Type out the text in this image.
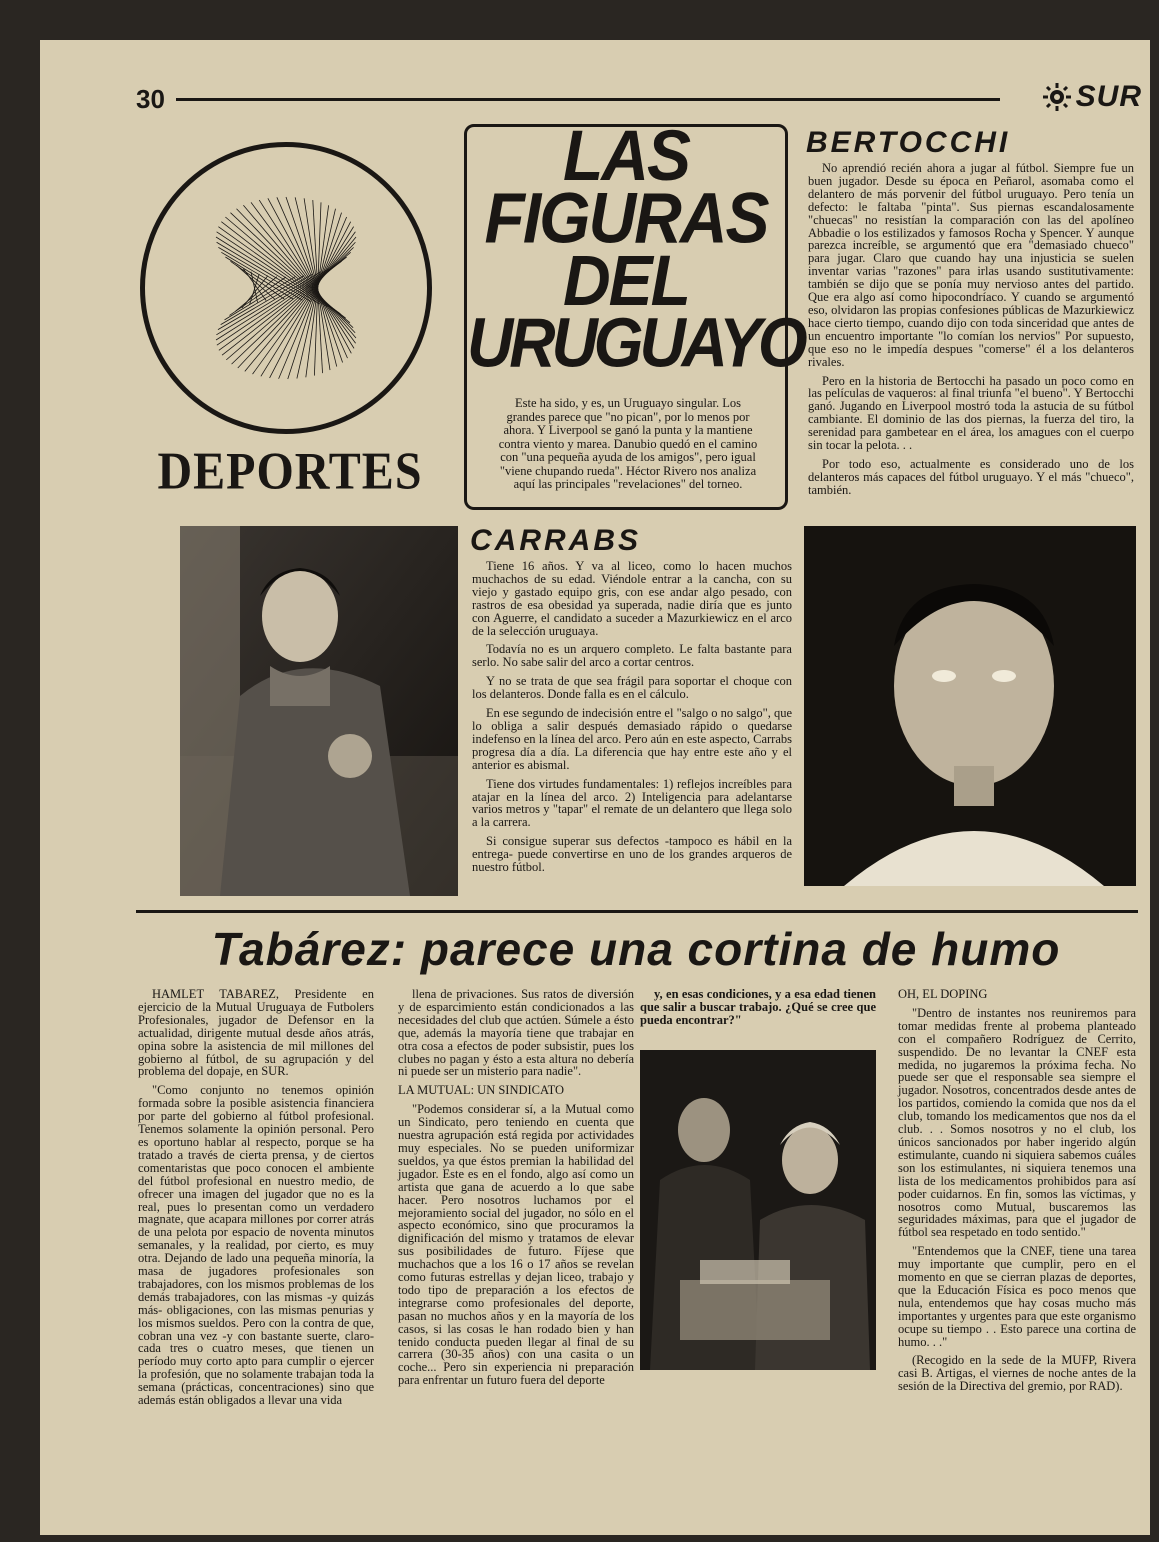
30	SUR
DEPORTES
LAS
FIGURAS
DEL
URUGUAYO
Este ha sido, y es, un Uruguayo singular. Los grandes parece que "no pican", por lo menos por ahora. Y Liverpool se ganó la punta y la mantiene contra viento y marea. Danubio quedó en el camino con "una pequeña ayuda de los amigos", pero igual "viene chupando rueda". Héctor Rivero nos analiza aquí las principales "revelaciones" del torneo.
BERTOCCHI

No aprendió recién ahora a jugar al fútbol. Siempre fue un buen jugador. Desde su época en Peñarol, asomaba como el delantero de más porvenir del fútbol uruguayo. Pero tenía un defecto: le faltaba "pinta". Sus piernas escandalosamente "chuecas" no resistían la comparación con las del apolíneo Abbadie o los estilizados y famosos Rocha y Spencer. Y aunque parezca increíble, se argumentó que era "demasiado chueco" para jugar. Claro que cuando hay una injusticia se suelen inventar varias "razones" para irlas usando sustitutivamente: también se dijo que se ponía muy nervioso antes del partido. Que era algo así como hipocondríaco. Y cuando se argumentó eso, olvidaron las propias confesiones públicas de Mazurkiewicz hace cierto tiempo, cuando dijo con toda sinceridad que antes de un encuentro importante "lo comían los nervios" Por supuesto, que eso no le impedía despues "comerse" él a los delanteros rivales.

Pero en la historia de Bertocchi ha pasado un poco como en las películas de vaqueros: al final triunfa "el bueno". Y Bertocchi ganó. Jugando en Liverpool mostró toda la astucia de su fútbol cambiante. El dominio de las dos piernas, la fuerza del tiro, la serenidad para gambetear en el área, los amagues con el cuerpo sin tocar la pelota. . .

Por todo eso, actualmente es considerado uno de los delanteros más capaces del fútbol uruguayo. Y el más "chueco", también.

CARRABS

Tiene 16 años. Y va al liceo, como lo hacen muchos muchachos de su edad. Viéndole entrar a la cancha, con su viejo y gastado equipo gris, con ese andar algo pesado, con rastros de esa obesidad ya superada, nadie diría que es junto con Aguerre, el candidato a suceder a Mazurkiewicz en el arco de la selección uruguaya.

Todavía no es un arquero completo. Le falta bastante para serlo. No sabe salir del arco a cortar centros.

Y no se trata de que sea frágil para soportar el choque con los delanteros. Donde falla es en el cálculo.

En ese segundo de indecisión entre el "salgo o no salgo", que lo obliga a salir después demasiado rápido o quedarse indefenso en la línea del arco. Pero aún en este aspecto, Carrabs progresa día a día. La diferencia que hay entre este año y el anterior es abismal.

Tiene dos virtudes fundamentales: 1) reflejos increíbles para atajar en la línea del arco. 2) Inteligencia para adelantarse varios metros y "tapar" el remate de un delantero que llega solo a la carrera.

Si consigue superar sus defectos -tampoco es hábil en la entrega- puede convertirse en uno de los grandes arqueros de nuestro fútbol.

Tabárez: parece una cortina de humo

HAMLET TABAREZ, Presidente en ejercicio de la Mutual Uruguaya de Futbolers Profesionales, jugador de Defensor en la actualidad, dirigente mutual desde años atrás, opina sobre la asistencia de mil millones del gobierno al fútbol, de su agrupación y del problema del dopaje, en SUR.

"Como conjunto no tenemos opinión formada sobre la posible asistencia financiera por parte del gobierno al fútbol profesional. Tenemos solamente la opinión personal. Pero es oportuno hablar al respecto, porque se ha tratado a través de cierta prensa, y de ciertos comentaristas que poco conocen el ambiente del fútbol profesional en nuestro medio, de ofrecer una imagen del jugador que no es la real, pues lo presentan como un verdadero magnate, que acapara millones por correr atrás de una pelota por espacio de noventa minutos semanales, y la realidad, por cierto, es muy otra. Dejando de lado una pequeña minoría, la masa de jugadores profesionales son trabajadores, con los mismos problemas de los demás trabajadores, con las mismas -y quizás más- obligaciones, con las mismas penurias y los mismos sueldos. Pero con la contra de que, cobran una vez -y con bastante suerte, claro- cada tres o cuatro meses, que tienen un período muy corto apto para cumplir o ejercer la profesión, que no solamente trabajan toda la semana (prácticas, concentraciones) sino que además están obligados a llevar una vida

llena de privaciones. Sus ratos de diversión y de esparcimiento están condicionados a las necesidades del club que actúen. Súmele a ésto que, además la mayoría tiene que trabajar en otra cosa a efectos de poder subsistir, pues los clubes no pagan y ésto a esta altura no debería ni puede ser un misterio para nadie".

LA MUTUAL: UN SINDICATO

"Podemos considerar sí, a la Mutual como un Sindicato, pero teniendo en cuenta que nuestra agrupación está regida por actividades muy especiales. No se pueden uniformizar sueldos, ya que éstos premian la habilidad del jugador. Este es en el fondo, algo así como un artista que gana de acuerdo a lo que sabe hacer. Pero nosotros luchamos por el mejoramiento social del jugador, no sólo en el aspecto económico, sino que procuramos la dignificación del mismo y tratamos de elevar sus posibilidades de futuro. Fíjese que muchachos que a los 16 o 17 años se revelan como futuras estrellas y dejan liceo, trabajo y todo tipo de preparación a los efectos de integrarse como profesionales del deporte, pasan no muchos años y en la mayoría de los casos, si las cosas le han rodado bien y han tenido conducta pueden llegar al final de su carrera (30-35 años) con una casita o un coche... Pero sin experiencia ni preparación para enfrentar un futuro fuera del deporte

y, en esas condiciones, y a esa edad tienen que salir a buscar trabajo. ¿Qué se cree que pueda encontrar?"

OH, EL DOPING

"Dentro de instantes nos reuniremos para tomar medidas frente al probema planteado con el compañero Rodríguez de Cerrito, suspendido. De no levantar la CNEF esta medida, no jugaremos la próxima fecha. No puede ser que el responsable sea siempre el jugador. Nosotros, concentrados desde antes de los partidos, comiendo la comida que nos da el club, tomando los medicamentos que nos da el club. . . Somos nosotros y no el club, los únicos sancionados por haber ingerido algún estimulante, cuando ni siquiera sabemos cuáles son los estimulantes, ni siquiera tenemos una lista de los medicamentos prohibidos para así poder cuidarnos. En fin, somos las víctimas, y nosotros como Mutual, buscaremos las seguridades máximas, para que el jugador de fútbol sea respetado en todo sentido."

"Entendemos que la CNEF, tiene una tarea muy importante que cumplir, pero en el momento en que se cierran plazas de deportes, que la Educación Física es poco menos que nula, entendemos que hay cosas mucho más importantes y urgentes para que este organismo ocupe su tiempo . . Esto parece una cortina de humo. . ."

(Recogido en la sede de la MUFP, Rivera casi B. Artigas, el viernes de noche antes de la sesión de la Directiva del gremio, por RAD).
